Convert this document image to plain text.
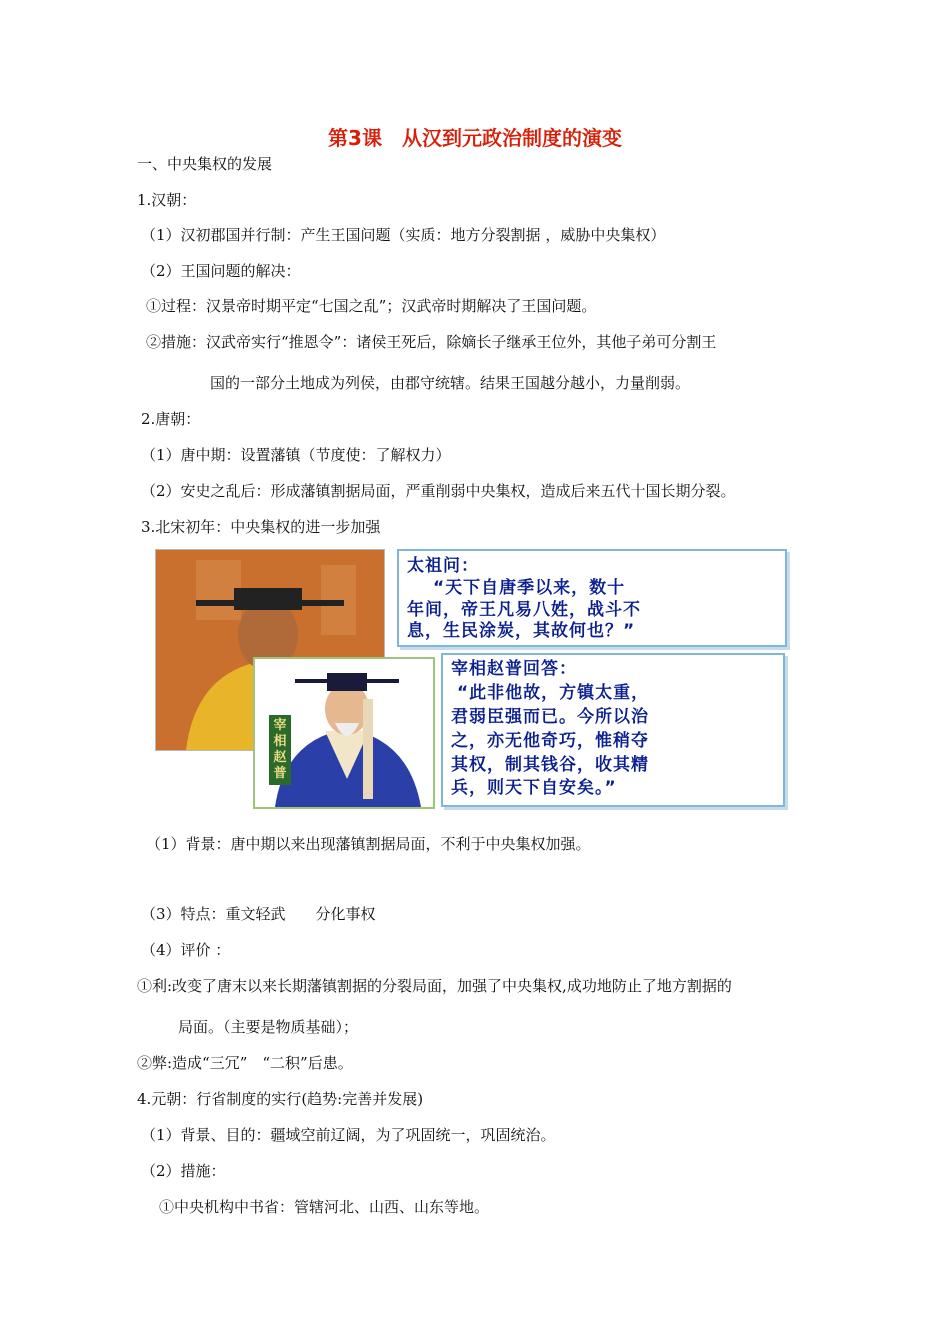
第3课　从汉到元政治制度的演变
一、中央集权的发展
1.汉朝：
（1）汉初郡国并行制：产生王国问题（实质：地方分裂割据 ，威胁中央集权）
（2）王国问题的解决：
①过程：汉景帝时期平定“七国之乱”；汉武帝时期解决了王国问题。
②措施：汉武帝实行“推恩令”：诸侯王死后，除嫡长子继承王位外，其他子弟可分割王
国的一部分土地成为列侯，由郡守统辖。结果王国越分越小，力量削弱。
2.唐朝：
（1）唐中期：设置藩镇（节度使：了解权力）
（2）安史之乱后：形成藩镇割据局面，严重削弱中央集权，造成后来五代十国长期分裂。
3.北宋初年：中央集权的进一步加强
宰相赵普
太祖问：
“天下自唐季以来，数十
年间，帝王凡易八姓，战斗不
息，生民涂炭，其故何也？”
宰相赵普回答：
“此非他故，方镇太重，
君弱臣强而已。今所以治
之，亦无他奇巧，惟稍夺
其权，制其钱谷，收其精
兵，则天下自安矣。”
（1）背景：唐中期以来出现藩镇割据局面，不利于中央集权加强。
（3）特点：重文轻武　　分化事权
（4）评价 ：
①利:改变了唐末以来长期藩镇割据的分裂局面，加强了中央集权,成功地防止了地方割据的
局面。（主要是物质基础）；
②弊:造成“三冗”　“二积”后患。
4.元朝：行省制度的实行(趋势:完善并发展)
（1）背景、目的：疆域空前辽阔，为了巩固统一，巩固统治。
（2）措施：
①中央机构中书省：管辖河北、山西、山东等地。
